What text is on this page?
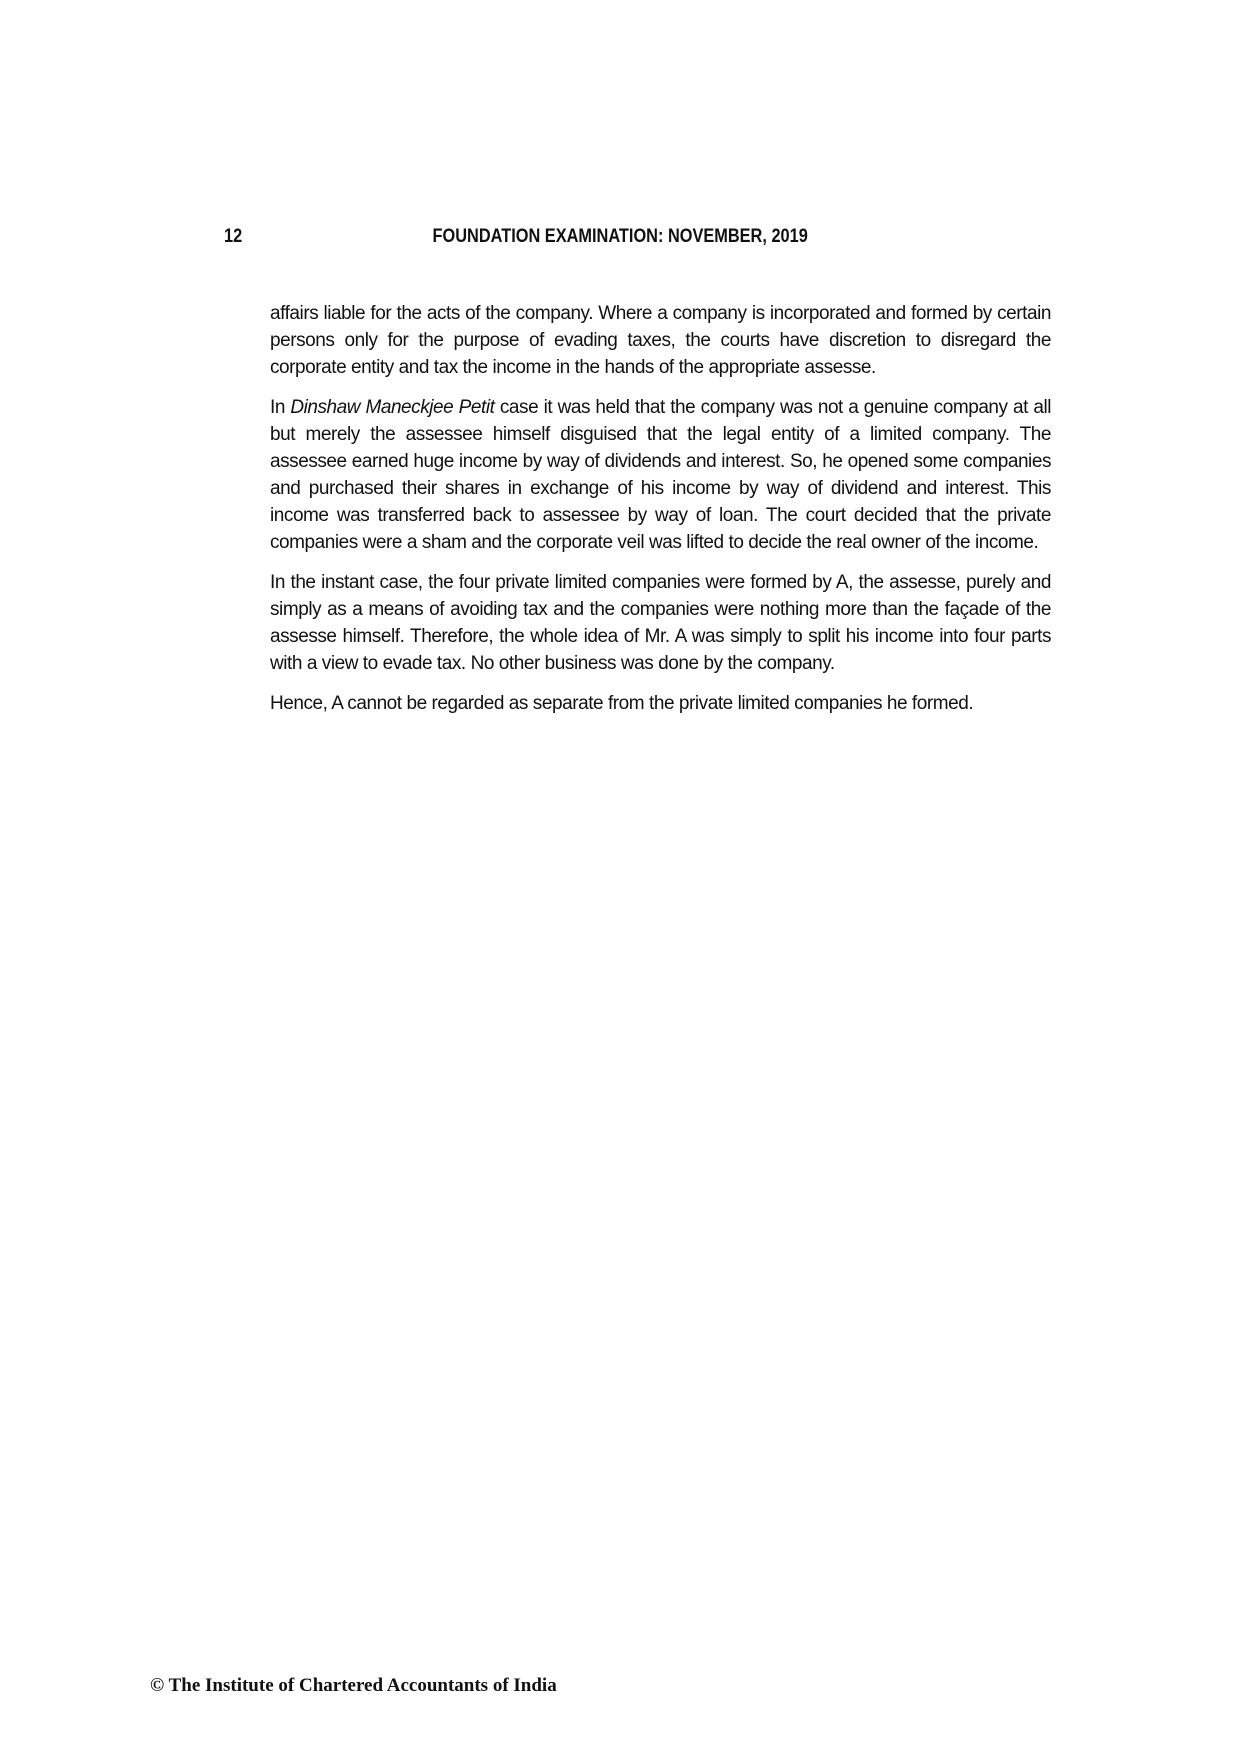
12	FOUNDATION EXAMINATION: NOVEMBER, 2019

affairs liable for the acts of the company. Where a company is incorporated and formed by certain persons only for the purpose of evading taxes, the courts have discretion to disregard the corporate entity and tax the income in the hands of the appropriate assesse.

In Dinshaw Maneckjee Petit case it was held that the company was not a genuine company at all but merely the assessee himself disguised that the legal entity of a limited company. The assessee earned huge income by way of dividends and interest. So, he opened some companies and purchased their shares in exchange of his income by way of dividend and interest. This income was transferred back to assessee by way of loan. The court decided that the private companies were a sham and the corporate veil was lifted to decide the real owner of the income.

In the instant case, the four private limited companies were formed by A, the assesse, purely and simply as a means of avoiding tax and the companies were nothing more than the façade of the assesse himself. Therefore, the whole idea of Mr. A was simply to split his income into four parts with a view to evade tax. No other business was done by the company.

Hence, A cannot be regarded as separate from the private limited companies he formed.

© The Institute of Chartered Accountants of India
